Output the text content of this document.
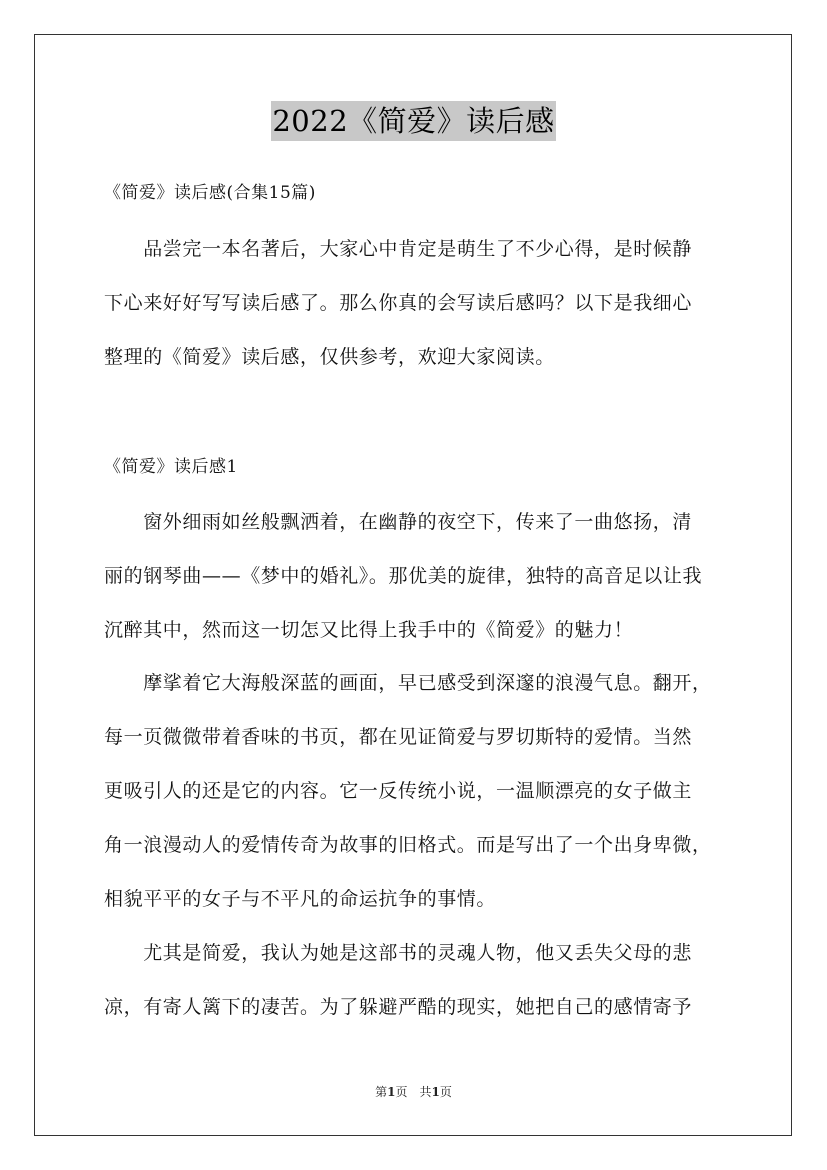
2022《简爱》读后感
《简爱》读后感(合集15篇)
　　品尝完一本名著后，大家心中肯定是萌生了不少心得，是时候静
下心来好好写写读后感了。那么你真的会写读后感吗？以下是我细心
整理的《简爱》读后感，仅供参考，欢迎大家阅读。
《简爱》读后感1
　　窗外细雨如丝般飘洒着，在幽静的夜空下，传来了一曲悠扬，清
丽的钢琴曲——《梦中的婚礼》。那优美的旋律，独特的高音足以让我
沉醉其中，然而这一切怎又比得上我手中的《简爱》的魅力！
　　摩挲着它大海般深蓝的画面，早已感受到深邃的浪漫气息。翻开，
每一页微微带着香味的书页，都在见证简爱与罗切斯特的爱情。当然
更吸引人的还是它的内容。它一反传统小说，一温顺漂亮的女子做主
角一浪漫动人的爱情传奇为故事的旧格式。而是写出了一个出身卑微，
相貌平平的女子与不平凡的命运抗争的事情。
　　尤其是简爱，我认为她是这部书的灵魂人物，他又丢失父母的悲
凉，有寄人篱下的凄苦。为了躲避严酷的现实，她把自己的感情寄予
第1页　共1页
